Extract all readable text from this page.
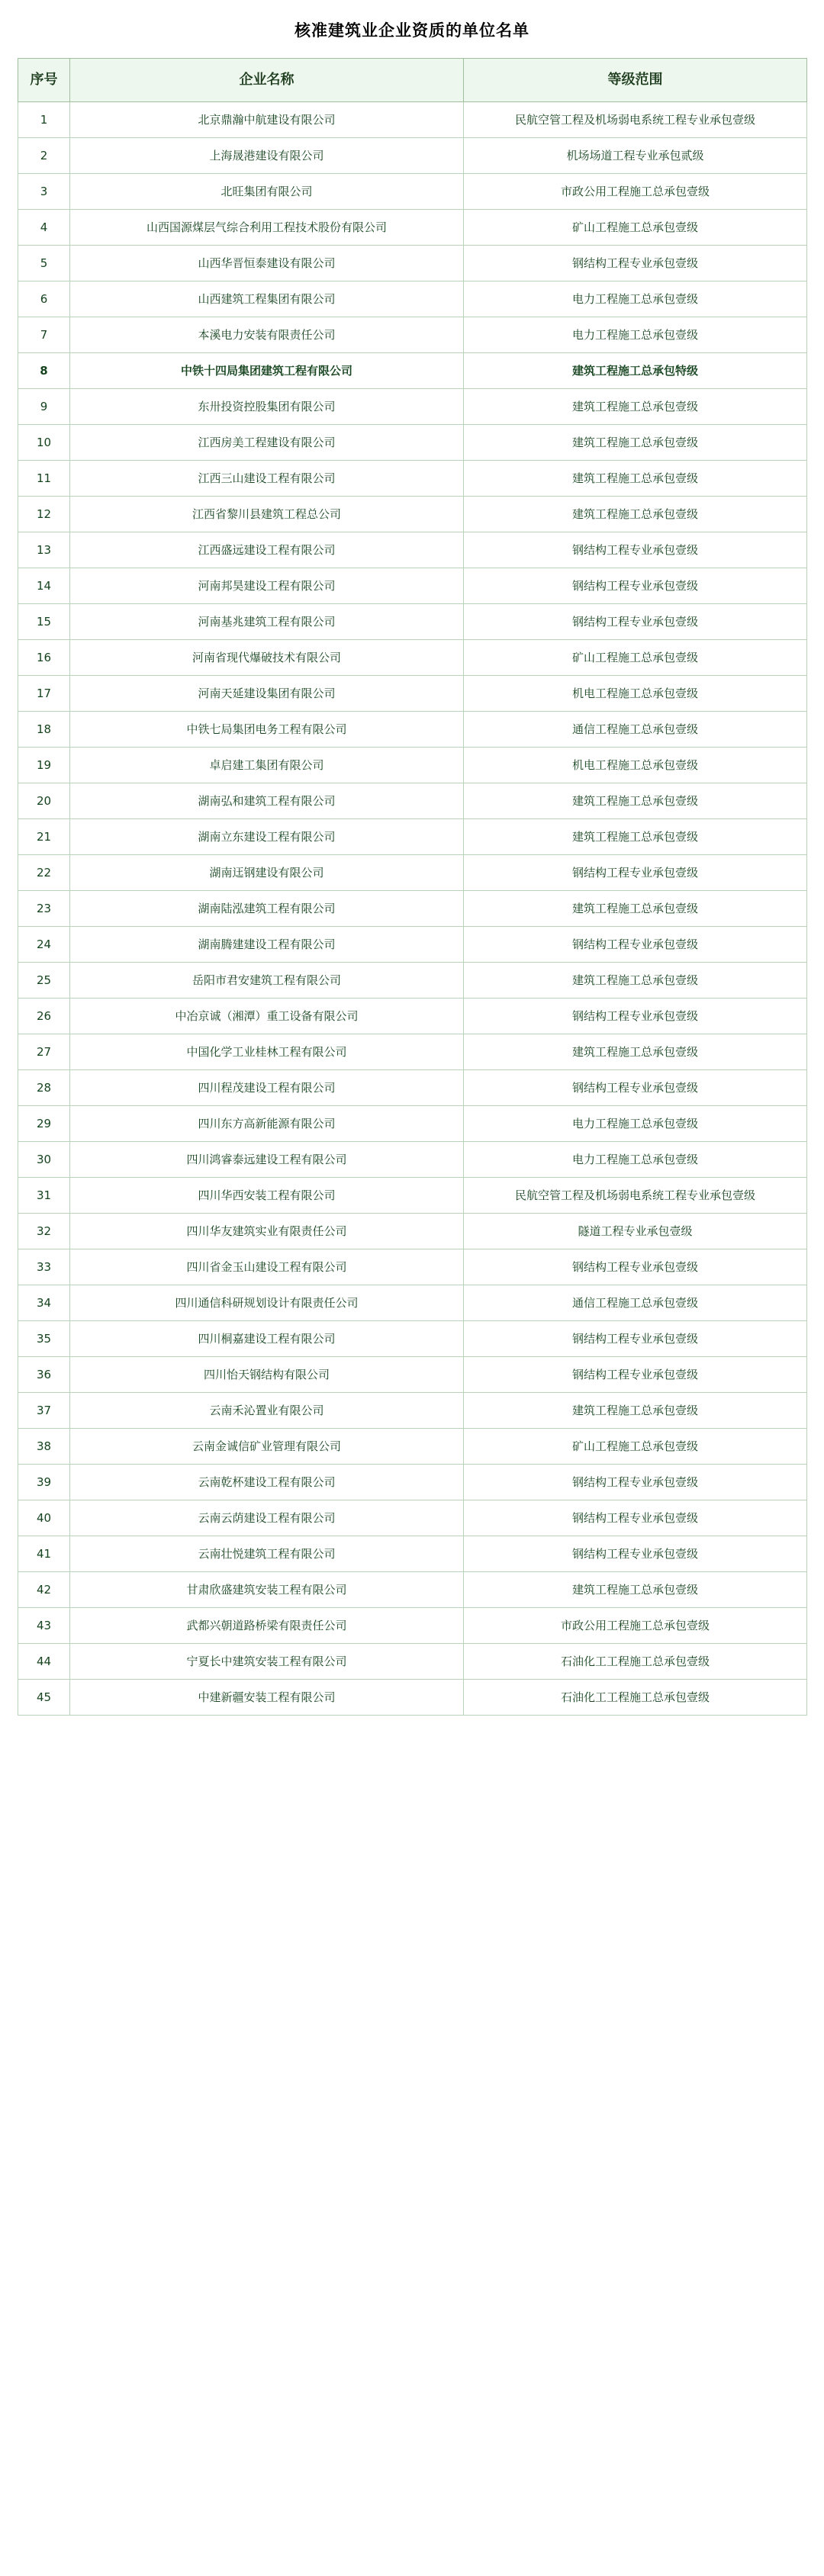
核准建筑业企业资质的单位名单
序号	企业名称	等级范围
1	北京鼎瀚中航建设有限公司	民航空管工程及机场弱电系统工程专业承包壹级
2	上海晟港建设有限公司	机场场道工程专业承包贰级
3	北旺集团有限公司	市政公用工程施工总承包壹级
4	山西国源煤层气综合利用工程技术股份有限公司	矿山工程施工总承包壹级
5	山西华晋恒泰建设有限公司	钢结构工程专业承包壹级
6	山西建筑工程集团有限公司	电力工程施工总承包壹级
7	本溪电力安装有限责任公司	电力工程施工总承包壹级
8	中铁十四局集团建筑工程有限公司	建筑工程施工总承包特级
9	东卅投资控股集团有限公司	建筑工程施工总承包壹级
10	江西房美工程建设有限公司	建筑工程施工总承包壹级
11	江西三山建设工程有限公司	建筑工程施工总承包壹级
12	江西省黎川县建筑工程总公司	建筑工程施工总承包壹级
13	江西盛远建设工程有限公司	钢结构工程专业承包壹级
14	河南邦昊建设工程有限公司	钢结构工程专业承包壹级
15	河南基兆建筑工程有限公司	钢结构工程专业承包壹级
16	河南省现代爆破技术有限公司	矿山工程施工总承包壹级
17	河南天延建设集团有限公司	机电工程施工总承包壹级
18	中铁七局集团电务工程有限公司	通信工程施工总承包壹级
19	卓启建工集团有限公司	机电工程施工总承包壹级
20	湖南弘和建筑工程有限公司	建筑工程施工总承包壹级
21	湖南立东建设工程有限公司	建筑工程施工总承包壹级
22	湖南迋钢建设有限公司	钢结构工程专业承包壹级
23	湖南陆泓建筑工程有限公司	建筑工程施工总承包壹级
24	湖南腾建建设工程有限公司	钢结构工程专业承包壹级
25	岳阳市君安建筑工程有限公司	建筑工程施工总承包壹级
26	中冶京诚（湘潭）重工设备有限公司	钢结构工程专业承包壹级
27	中国化学工业桂林工程有限公司	建筑工程施工总承包壹级
28	四川程茂建设工程有限公司	钢结构工程专业承包壹级
29	四川东方高新能源有限公司	电力工程施工总承包壹级
30	四川鸿睿泰远建设工程有限公司	电力工程施工总承包壹级
31	四川华西安装工程有限公司	民航空管工程及机场弱电系统工程专业承包壹级
32	四川华友建筑实业有限责任公司	隧道工程专业承包壹级
33	四川省金玉山建设工程有限公司	钢结构工程专业承包壹级
34	四川通信科研规划设计有限责任公司	通信工程施工总承包壹级
35	四川桐嘉建设工程有限公司	钢结构工程专业承包壹级
36	四川怡天钢结构有限公司	钢结构工程专业承包壹级
37	云南禾沁置业有限公司	建筑工程施工总承包壹级
38	云南金诚信矿业管理有限公司	矿山工程施工总承包壹级
39	云南乾杯建设工程有限公司	钢结构工程专业承包壹级
40	云南云荫建设工程有限公司	钢结构工程专业承包壹级
41	云南壮悦建筑工程有限公司	钢结构工程专业承包壹级
42	甘肃欣盛建筑安装工程有限公司	建筑工程施工总承包壹级
43	武都兴朝道路桥梁有限责任公司	市政公用工程施工总承包壹级
44	宁夏长中建筑安装工程有限公司	石油化工工程施工总承包壹级
45	中建新疆安装工程有限公司	石油化工工程施工总承包壹级
